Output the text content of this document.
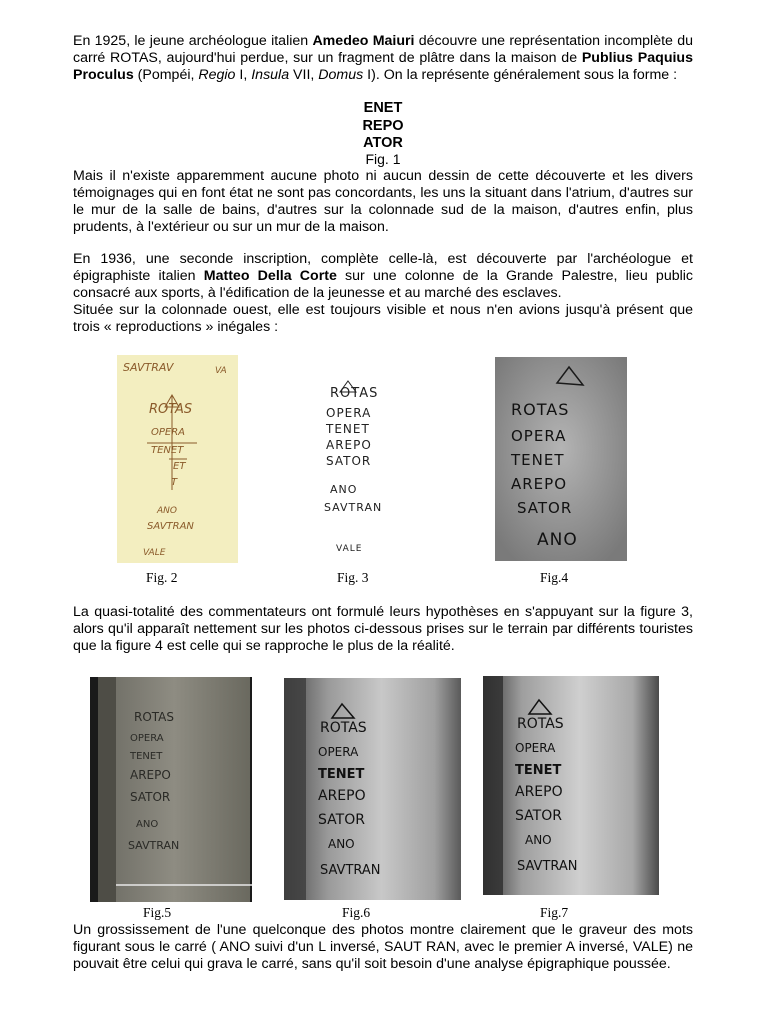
En 1925, le jeune archéologue italien Amedeo Maiuri découvre une représentation incomplète du carré ROTAS, aujourd'hui perdue, sur un fragment de plâtre dans la maison de Publius Paquius Proculus (Pompéi, Regio I, Insula VII, Domus I). On la représente généralement sous la forme :
ENET
REPO
ATOR
Fig. 1
Mais il n'existe apparemment aucune photo ni aucun dessin de cette découverte et les divers témoignages qui en font état ne sont pas concordants, les uns la situant dans l'atrium, d'autres sur le mur de la salle de bains, d'autres sur la colonnade sud de la maison, d'autres enfin, plus prudents, à l'extérieur ou sur un mur de la maison.
En 1936, une seconde inscription, complète celle-là, est découverte par l'archéologue et épigraphiste italien Matteo Della Corte sur une colonne de la Grande Palestre, lieu public consacré aux sports, à l'édification de la jeunesse et au marché des esclaves.
Située sur la colonnade ouest, elle est toujours visible et nous n'en avions jusqu'à présent que trois « reproductions » inégales :
SAVTRAV	VA
ROTAS
OPERA
TENET
ET
T
ANO
SAVTRAN
VALE
ROTAS
OPERA
TENET
AREPO
SATOR
ANO
SAVTRAN
VALE
ROTAS
OPERA
TENET
AREPO
SATOR
ANO
Fig. 2	Fig. 3	Fig.4
La quasi-totalité des commentateurs ont formulé leurs hypothèses en s'appuyant sur la figure 3, alors qu'il apparaît nettement sur les photos ci-dessous prises sur le terrain par différents touristes que la figure 4 est celle qui se rapproche le plus de la réalité.
ROTAS
OPERA
TENET
AREPO
SATOR
ANO
SAVTRAN
ROTAS
OPERA
TENET
AREPO
SATOR
ANO
SAVTRAN
ROTAS
OPERA
TENET
AREPO
SATOR
ANO
SAVTRAN
Fig.5	Fig.6	Fig.7
Un grossissement de l'une quelconque des photos montre clairement que le graveur des mots figurant sous le carré ( ANO suivi d'un L inversé, SAUT RAN, avec le premier A inversé, VALE) ne pouvait être celui qui grava le carré, sans qu'il soit besoin d'une analyse épigraphique poussée.
